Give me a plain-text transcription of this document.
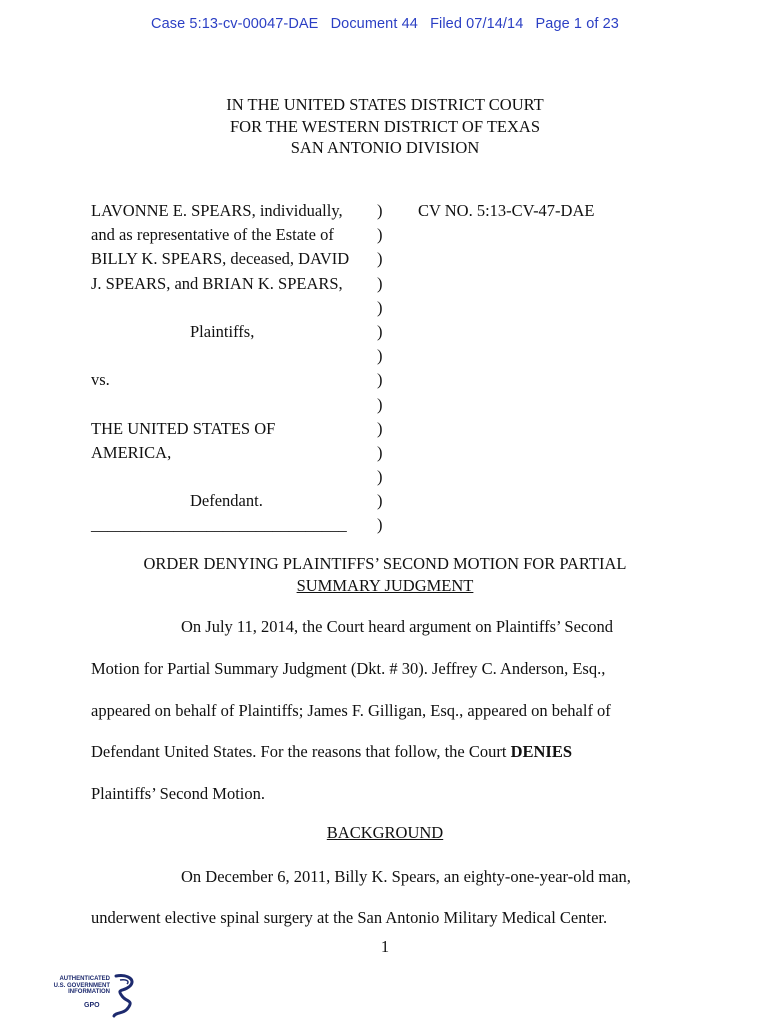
Case 5:13-cv-00047-DAE Document 44 Filed 07/14/14 Page 1 of 23
IN THE UNITED STATES DISTRICT COURT
FOR THE WESTERN DISTRICT OF TEXAS
SAN ANTONIO DIVISION
LAVONNE E. SPEARS, individually,
and as representative of the Estate of
BILLY K. SPEARS, deceased, DAVID
J. SPEARS, and BRIAN K. SPEARS,
Plaintiffs,
vs.
THE UNITED STATES OF
AMERICA,
Defendant.
_______________________________
)
)
)
)
)
)
)
)
)
)
)
)
)
)
CV NO. 5:13-CV-47-DAE
ORDER DENYING PLAINTIFFS’ SECOND MOTION FOR PARTIAL
SUMMARY JUDGMENT
On July 11, 2014, the Court heard argument on Plaintiffs’ Second
Motion for Partial Summary Judgment (Dkt. # 30). Jeffrey C. Anderson, Esq.,
appeared on behalf of Plaintiffs; James F. Gilligan, Esq., appeared on behalf of
Defendant United States. For the reasons that follow, the Court DENIES
Plaintiffs’ Second Motion.
BACKGROUND
On December 6, 2011, Billy K. Spears, an eighty-one-year-old man,
underwent elective spinal surgery at the San Antonio Military Medical Center.
1
AUTHENTICATED
U.S. GOVERNMENT
INFORMATION
GPO
